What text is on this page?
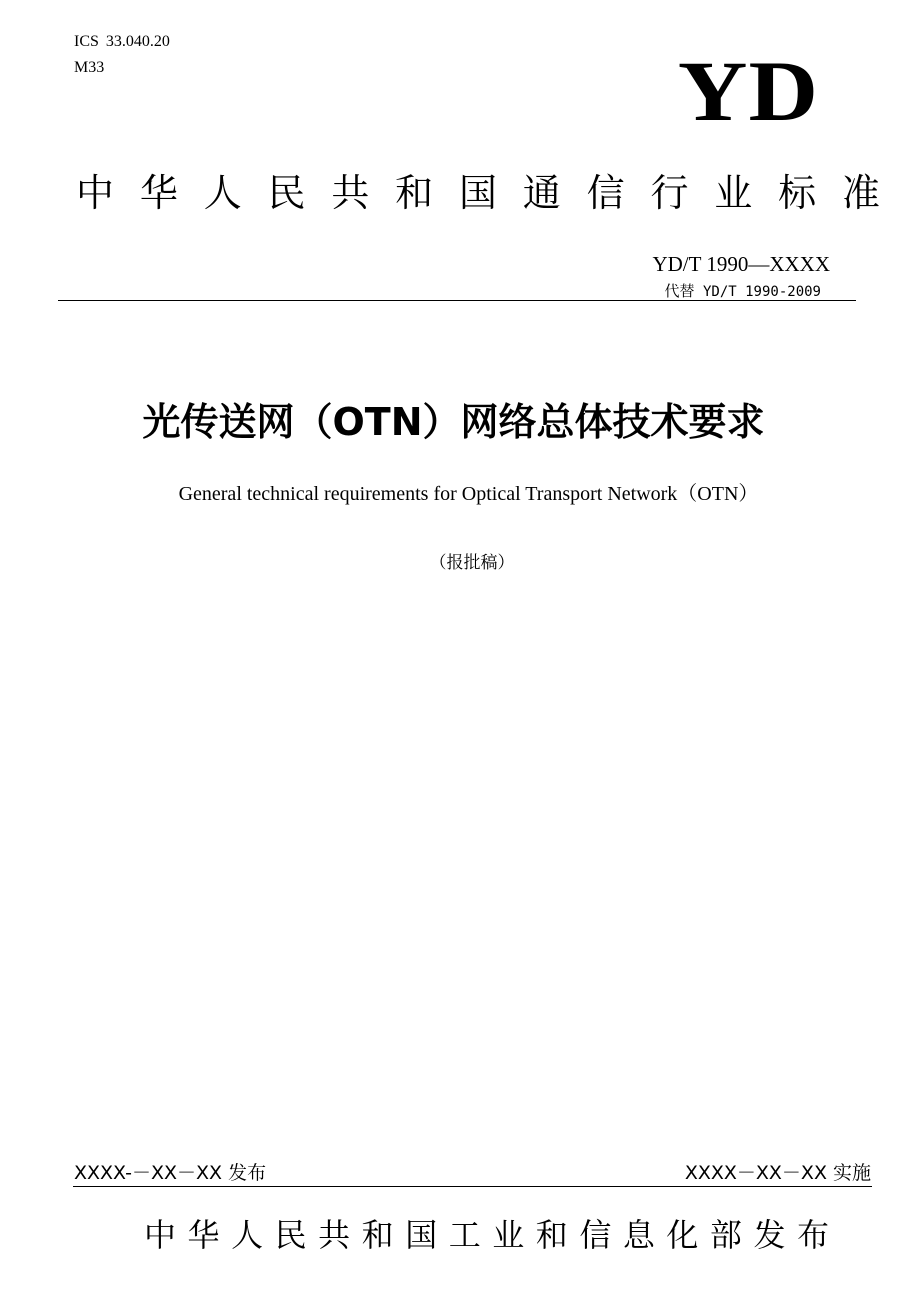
ICS 33.040.20
M33	YD
中 华 人 民 共 和 国 通 信 行 业 标 准
YD/T 1990—XXXX
代替 YD/T 1990-2009
光传送网（OTN）网络总体技术要求
General technical requirements for Optical Transport Network（OTN）
（报批稿）
XXXX-－XX－XX 发布	XXXX－XX－XX 实施
中 华 人 民 共 和 国 工 业 和 信 息 化 部 发 布
